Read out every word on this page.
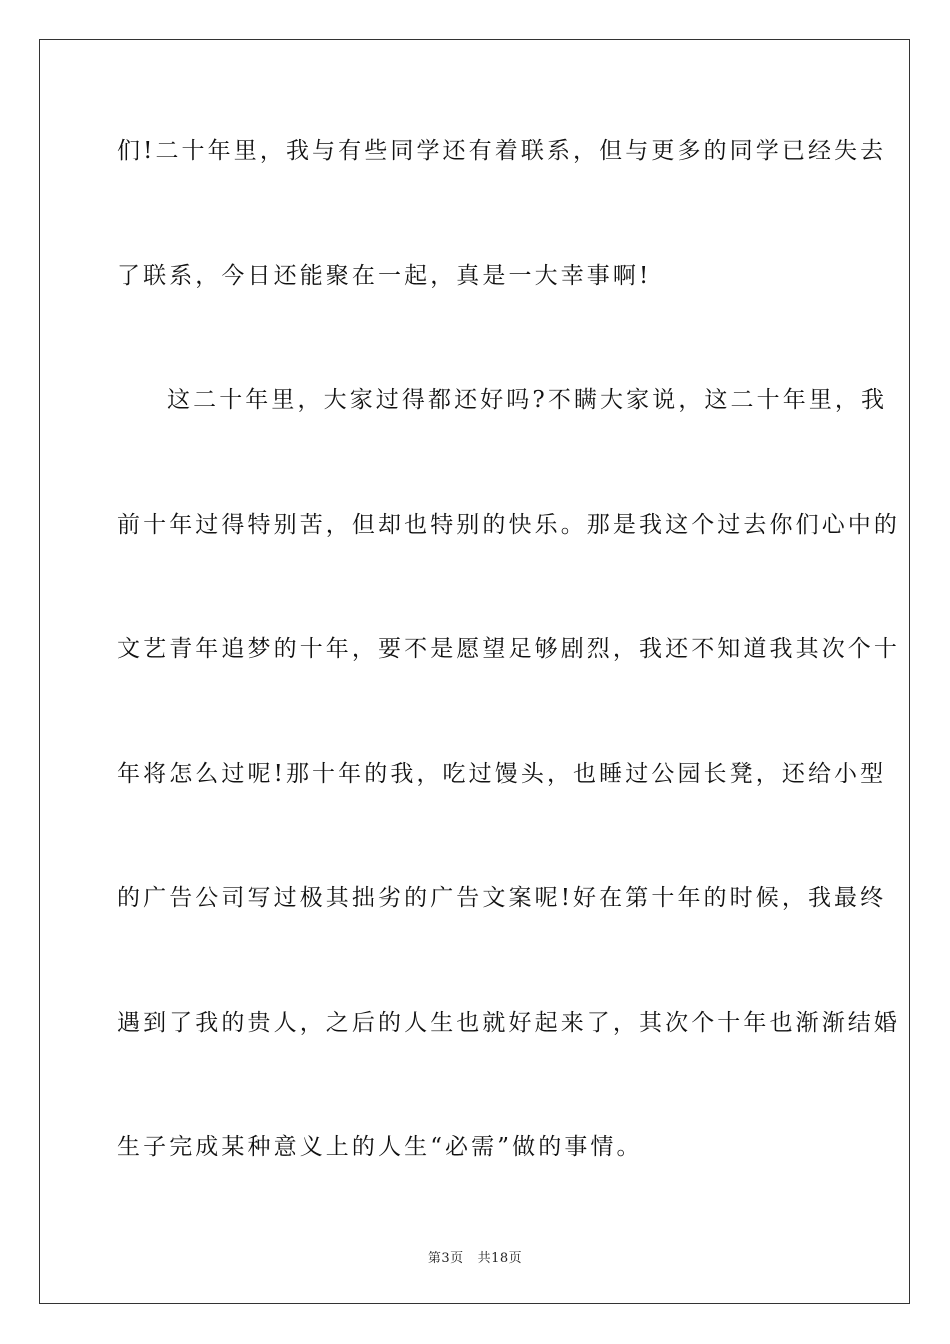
们!二十年里，我与有些同学还有着联系，但与更多的同学已经失去
了联系，今日还能聚在一起，真是一大幸事啊!
这二十年里，大家过得都还好吗?不瞒大家说，这二十年里，我
前十年过得特别苦，但却也特别的快乐。那是我这个过去你们心中的
文艺青年追梦的十年，要不是愿望足够剧烈，我还不知道我其次个十
年将怎么过呢!那十年的我，吃过馒头，也睡过公园长凳，还给小型
的广告公司写过极其拙劣的广告文案呢!好在第十年的时候，我最终
遇到了我的贵人，之后的人生也就好起来了，其次个十年也渐渐结婚
生子完成某种意义上的人生“必需”做的事情。
第3页 共18页
